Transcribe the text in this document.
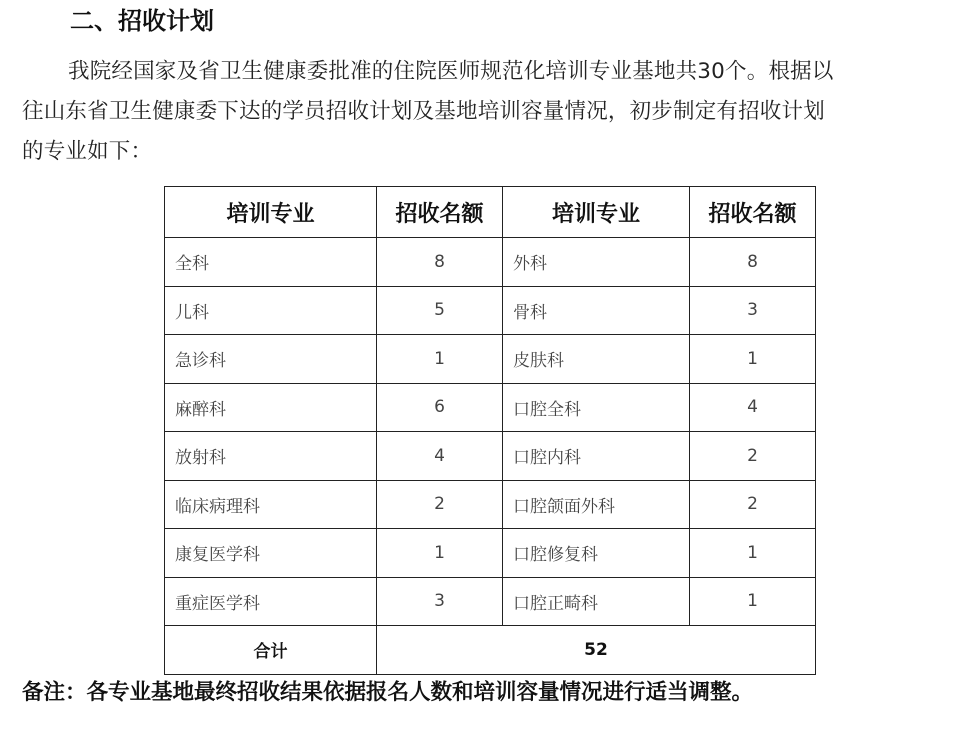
二、招收计划
我院经国家及省卫生健康委批准的住院医师规范化培训专业基地共30个。根据以
往山东省卫生健康委下达的学员招收计划及基地培训容量情况，初步制定有招收计划
的专业如下：
培训专业	招收名额	培训专业	招收名额
全科	8	外科	8
儿科	5	骨科	3
急诊科	1	皮肤科	1
麻醉科	6	口腔全科	4
放射科	4	口腔内科	2
临床病理科	2	口腔颌面外科	2
康复医学科	1	口腔修复科	1
重症医学科	3	口腔正畸科	1
合计	52		
备注：各专业基地最终招收结果依据报名人数和培训容量情况进行适当调整。
